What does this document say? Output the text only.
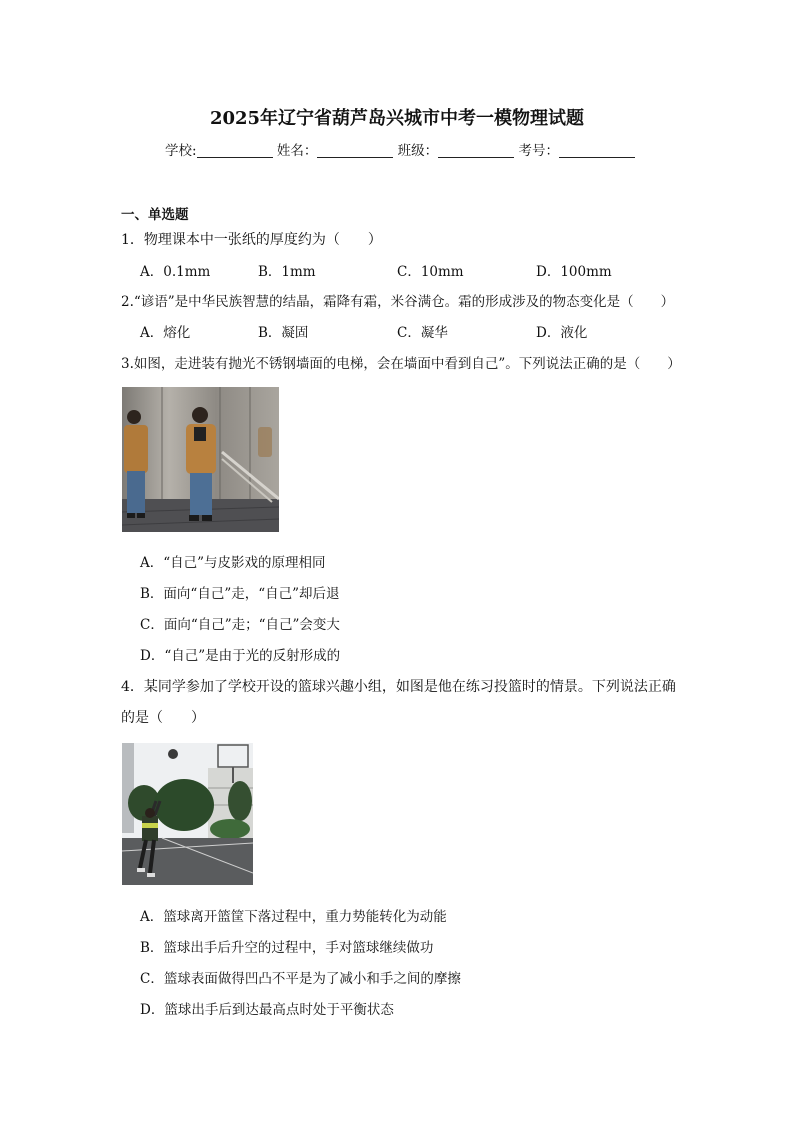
2025年辽宁省葫芦岛兴城市中考一模物理试题
学校:	姓名：	班级：	考号：
一、单选题
1．物理课本中一张纸的厚度约为（　　）
A．0.1mm	B．1mm	C．10mm	D．100mm
2.“谚语”是中华民族智慧的结晶，霜降有霜，米谷满仓。霜的形成涉及的物态变化是（　　）
A．熔化	B．凝固	C．凝华	D．液化
3.如图，走进装有抛光不锈钢墙面的电梯，会在墙面中看到自己”。下列说法正确的是（　　）
A．“自己”与皮影戏的原理相同
B．面向“自己”走，“自己”却后退
C．面向“自己”走；“自己”会变大
D．“自己”是由于光的反射形成的
4．某同学参加了学校开设的篮球兴趣小组，如图是他在练习投篮时的情景。下列说法正确
的是（　　）
A．篮球离开篮筐下落过程中，重力势能转化为动能
B．篮球出手后升空的过程中，手对篮球继续做功
C．篮球表面做得凹凸不平是为了减小和手之间的摩擦
D．篮球出手后到达最高点时处于平衡状态
